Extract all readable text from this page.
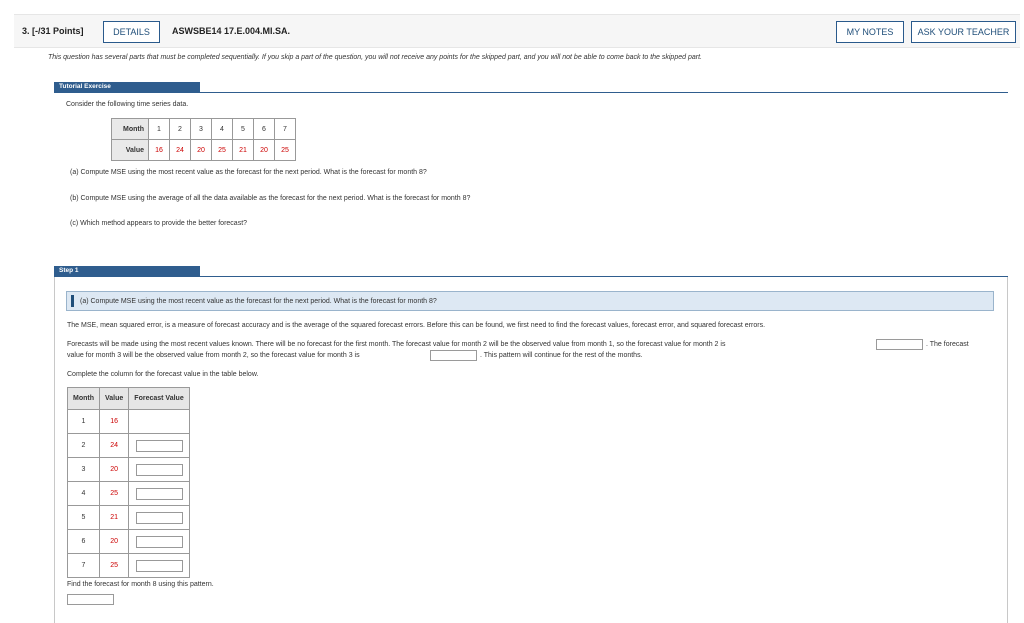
3. [-/31 Points]	DETAILS	ASWSBE14 17.E.004.MI.SA.	MY NOTES	ASK YOUR TEACHER
This question has several parts that must be completed sequentially. If you skip a part of the question, you will not receive any points for the skipped part, and you will not be able to come back to the skipped part.
Tutorial Exercise
Consider the following time series data.
Month	1	2	3	4	5	6	7
Value	16	24	20	25	21	20	25
(a) Compute MSE using the most recent value as the forecast for the next period. What is the forecast for month 8?
(b) Compute MSE using the average of all the data available as the forecast for the next period. What is the forecast for month 8?
(c) Which method appears to provide the better forecast?
Step 1
(a) Compute MSE using the most recent value as the forecast for the next period. What is the forecast for month 8?
The MSE, mean squared error, is a measure of forecast accuracy and is the average of the squared forecast errors. Before this can be found, we first need to find the forecast values, forecast error, and squared forecast errors.
Forecasts will be made using the most recent values known. There will be no forecast for the first month. The forecast value for month 2 will be the observed value from month 1, so the forecast value for month 2 is	. The forecast
value for month 3 will be the observed value from month 2, so the forecast value for month 3 is	. This pattern will continue for the rest of the months.
Complete the column for the forecast value in the table below.
Month	Value	Forecast Value
1	16	
2	24	
3	20	
4	25	
5	21	
6	20	
7	25	
Find the forecast for month 8 using this pattern.
